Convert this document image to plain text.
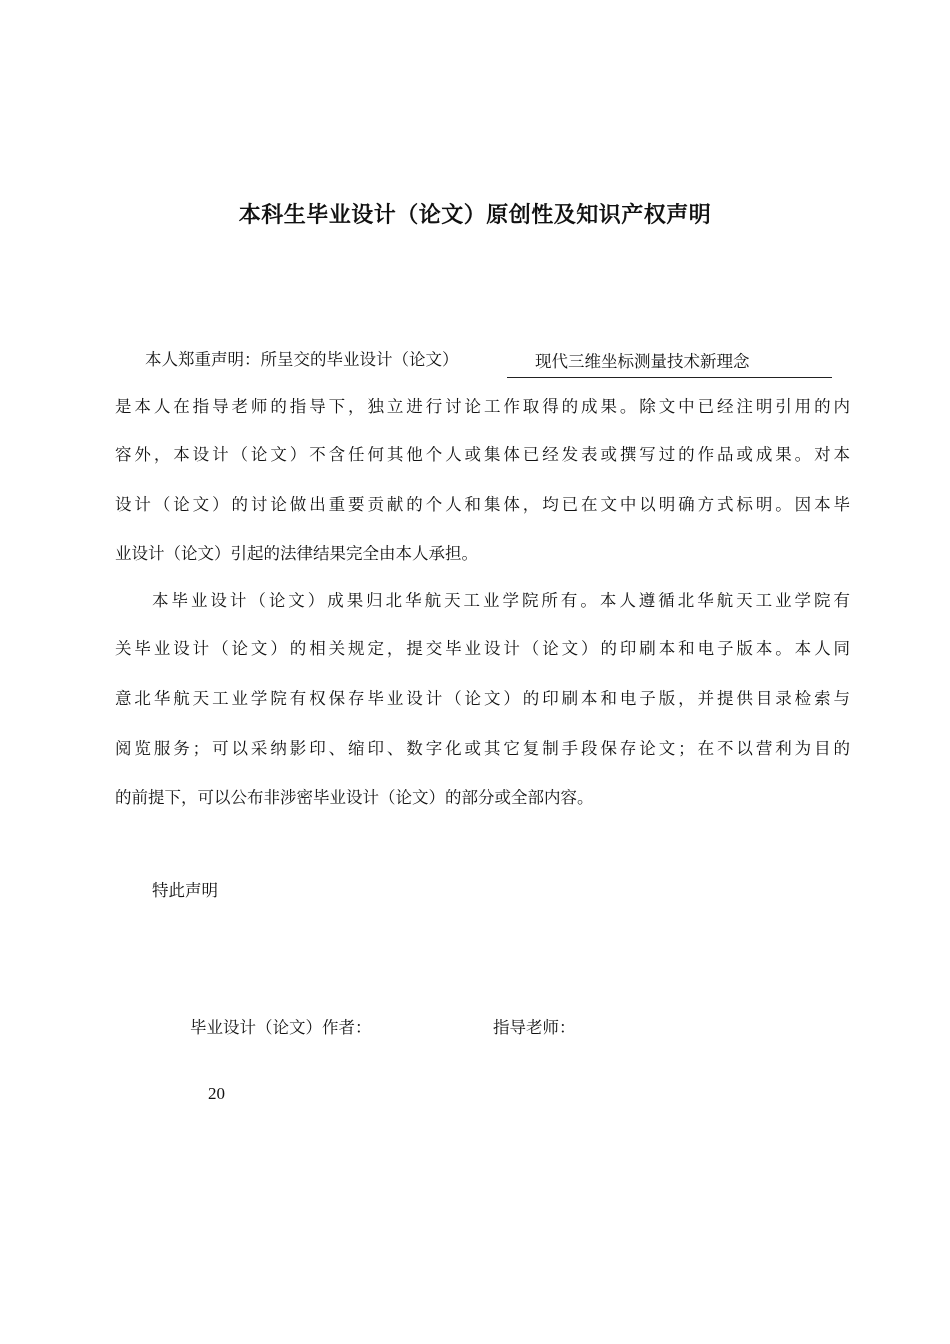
本科生毕业设计（论文）原创性及知识产权声明
本人郑重声明：所呈交的毕业设计（论文）	现代三维坐标测量技术新理念
是本人在指导老师的指导下，独立进行讨论工作取得的成果。除文中已经注明引用的内
容外，本设计（论文）不含任何其他个人或集体已经发表或撰写过的作品或成果。对本
设计（论文）的讨论做出重要贡献的个人和集体，均已在文中以明确方式标明。因本毕
业设计（论文）引起的法律结果完全由本人承担。
本毕业设计（论文）成果归北华航天工业学院所有。本人遵循北华航天工业学院有
关毕业设计（论文）的相关规定，提交毕业设计（论文）的印刷本和电子版本。本人同
意北华航天工业学院有权保存毕业设计（论文）的印刷本和电子版，并提供目录检索与
阅览服务；可以采纳影印、缩印、数字化或其它复制手段保存论文；在不以营利为目的
的前提下，可以公布非涉密毕业设计（论文）的部分或全部内容。
特此声明
毕业设计（论文）作者：	指导老师：
20
